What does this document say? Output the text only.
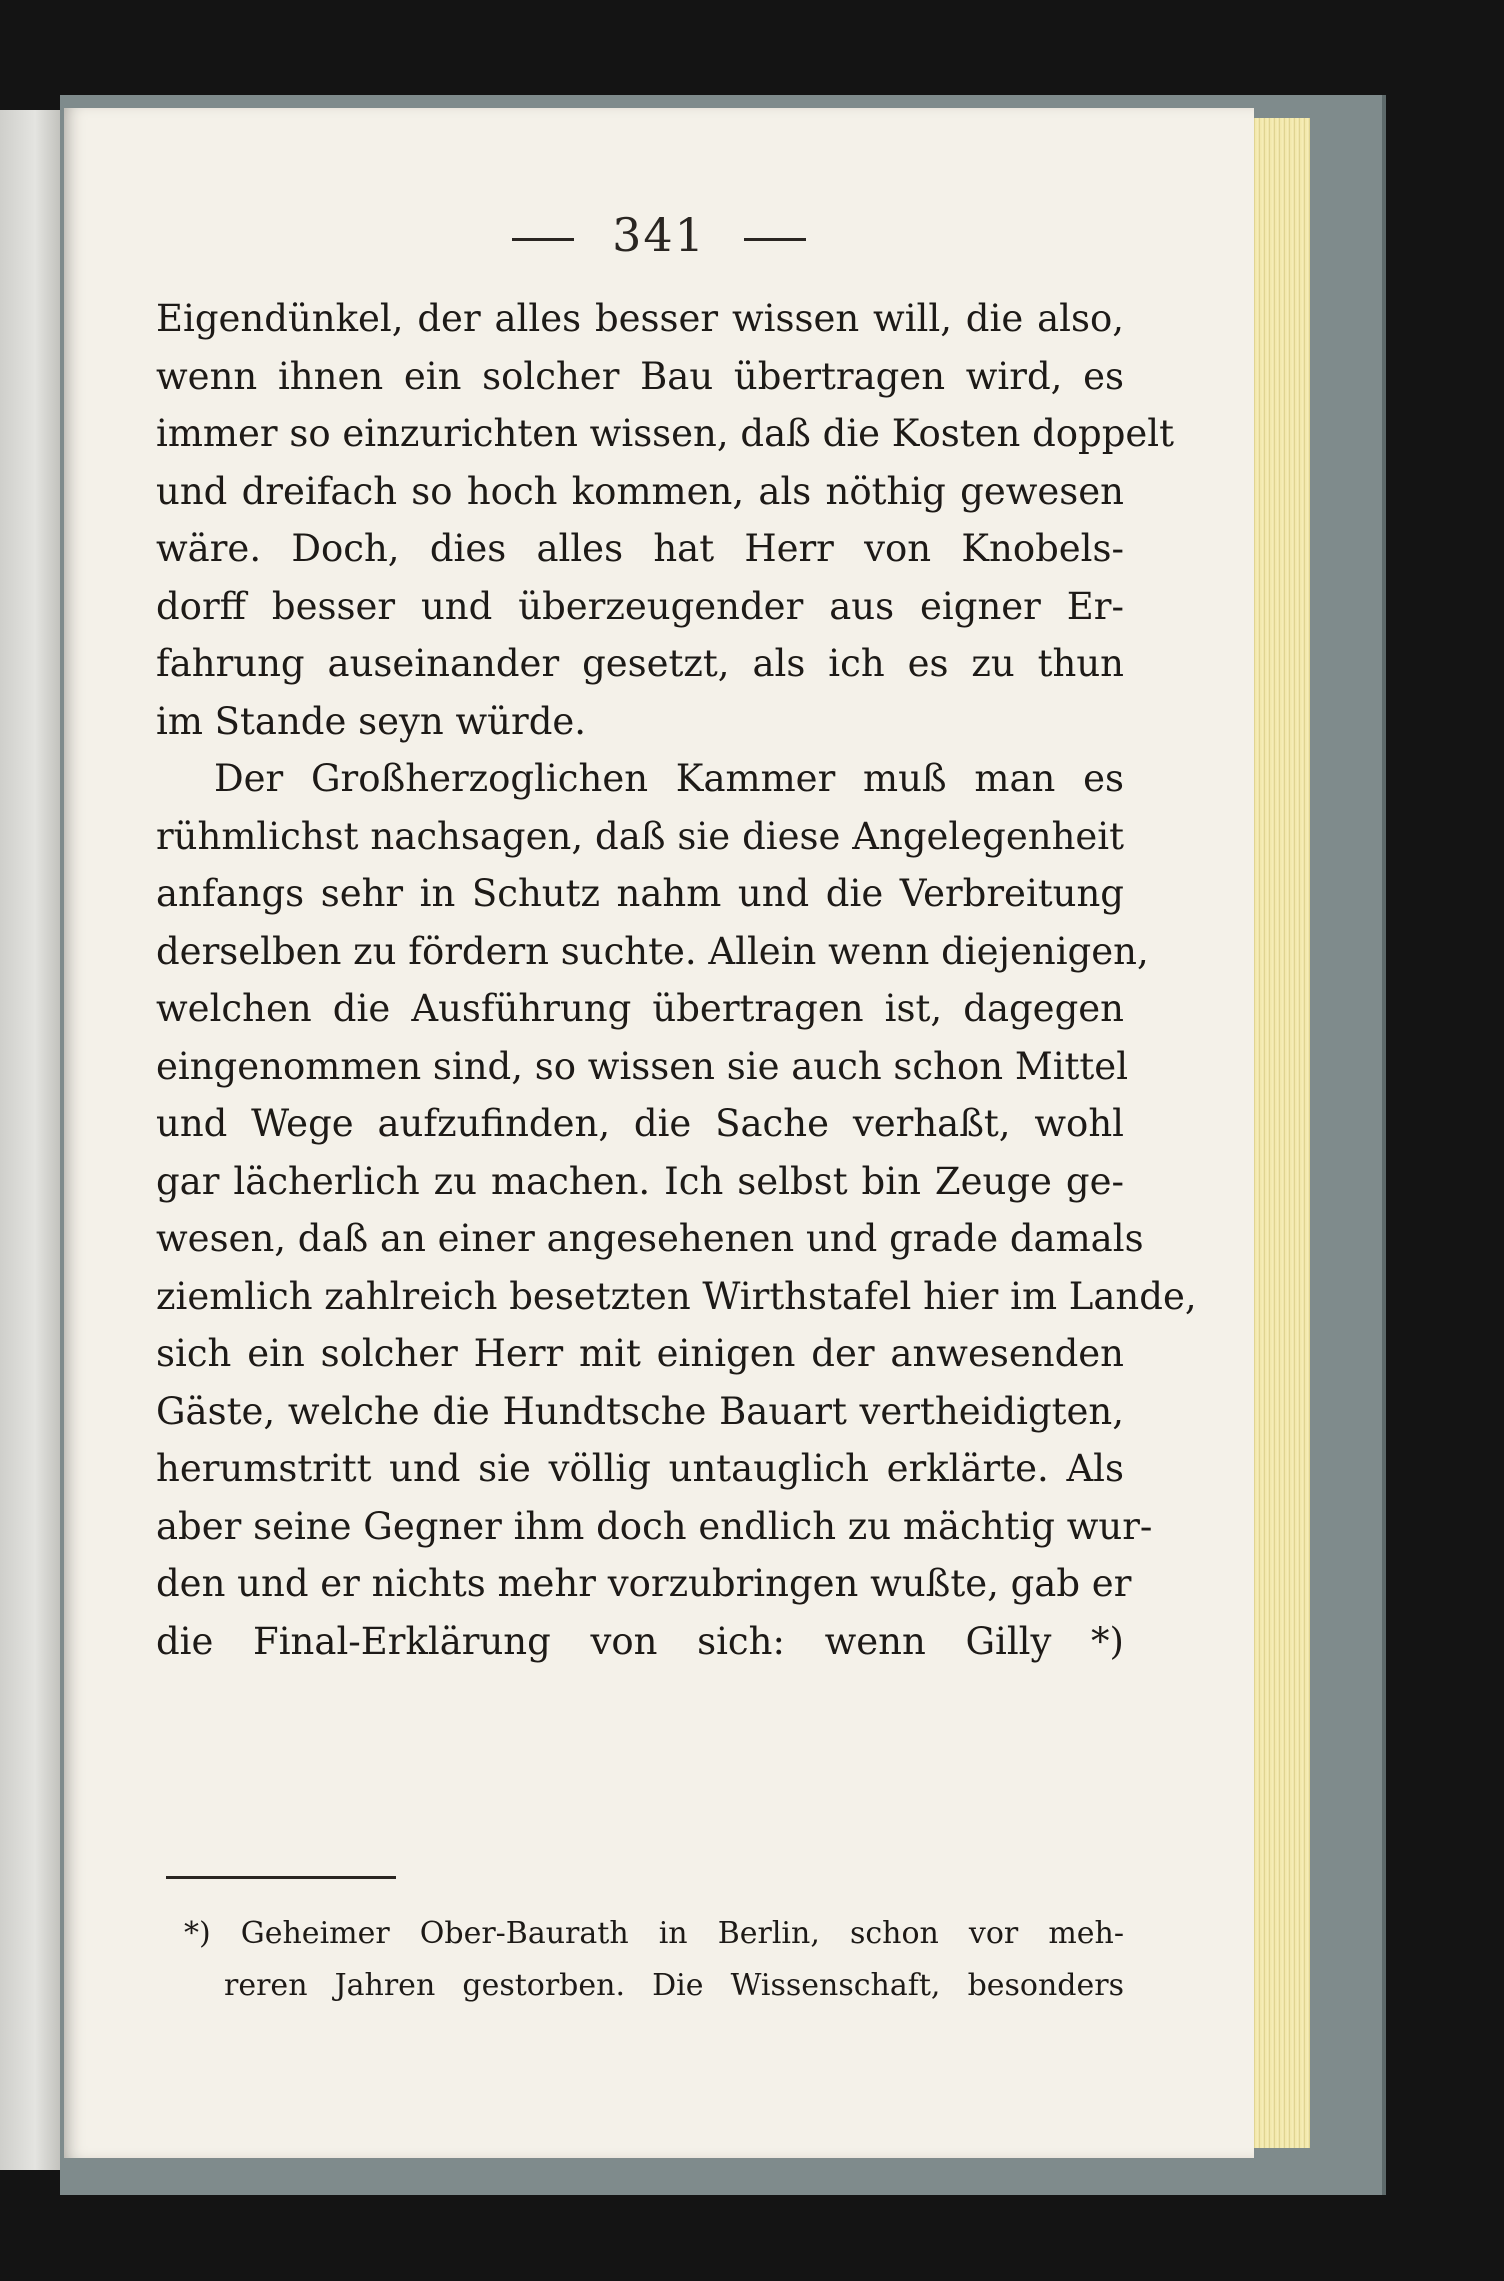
341
Eigendünkel, der alles besser wissen will, die also,
wenn ihnen ein solcher Bau übertragen wird, es
immer so einzurichten wissen, daß die Kosten doppelt
und dreifach so hoch kommen, als nöthig gewesen
wäre. Doch, dies alles hat Herr von Knobels-
dorff besser und überzeugender aus eigner Er-
fahrung auseinander gesetzt, als ich es zu thun
im Stande seyn würde.
Der Großherzoglichen Kammer muß man es
rühmlichst nachsagen, daß sie diese Angelegenheit
anfangs sehr in Schutz nahm und die Verbreitung
derselben zu fördern suchte. Allein wenn diejenigen,
welchen die Ausführung übertragen ist, dagegen
eingenommen sind, so wissen sie auch schon Mittel
und Wege aufzufinden, die Sache verhaßt, wohl
gar lächerlich zu machen. Ich selbst bin Zeuge ge-
wesen, daß an einer angesehenen und grade damals
ziemlich zahlreich besetzten Wirthstafel hier im Lande,
sich ein solcher Herr mit einigen der anwesenden
Gäste, welche die Hundtsche Bauart vertheidigten,
herumstritt und sie völlig untauglich erklärte. Als
aber seine Gegner ihm doch endlich zu mächtig wur-
den und er nichts mehr vorzubringen wußte, gab er
die Final-Erklärung von sich: wenn Gilly *)
*) Geheimer Ober-Baurath in Berlin, schon vor meh-
reren Jahren gestorben. Die Wissenschaft, besonders
